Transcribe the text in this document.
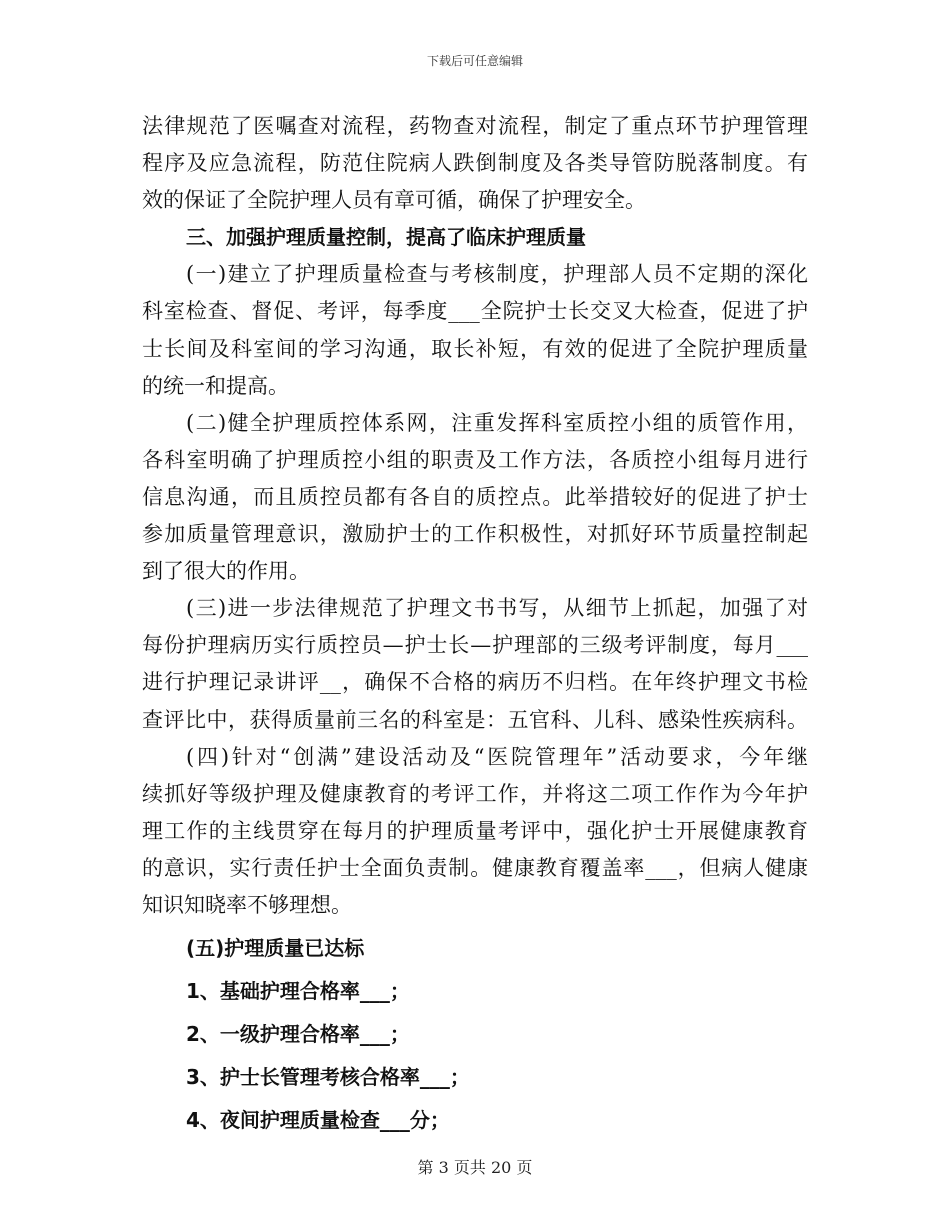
下载后可任意编辑
法律规范了医嘱查对流程，药物查对流程，制定了重点环节护理管理
程序及应急流程，防范住院病人跌倒制度及各类导管防脱落制度。有
效的保证了全院护理人员有章可循，确保了护理安全。
三、加强护理质量控制，提高了临床护理质量
(一)建立了护理质量检查与考核制度，护理部人员不定期的深化
科室检查、督促、考评，每季度___全院护士长交叉大检查，促进了护
士长间及科室间的学习沟通，取长补短，有效的促进了全院护理质量
的统一和提高。
(二)健全护理质控体系网，注重发挥科室质控小组的质管作用，
各科室明确了护理质控小组的职责及工作方法，各质控小组每月进行
信息沟通，而且质控员都有各自的质控点。此举措较好的促进了护士
参加质量管理意识，激励护士的工作积极性，对抓好环节质量控制起
到了很大的作用。
(三)进一步法律规范了护理文书书写，从细节上抓起，加强了对
每份护理病历实行质控员—护士长—护理部的三级考评制度，每月___
进行护理记录讲评__，确保不合格的病历不归档。在年终护理文书检
查评比中，获得质量前三名的科室是：五官科、儿科、感染性疾病科。
(四)针对“创满”建设活动及“医院管理年”活动要求，今年继
续抓好等级护理及健康教育的考评工作，并将这二项工作作为今年护
理工作的主线贯穿在每月的护理质量考评中，强化护士开展健康教育
的意识，实行责任护士全面负责制。健康教育覆盖率___，但病人健康
知识知晓率不够理想。
(五)护理质量已达标
1、基础护理合格率___；
2、一级护理合格率___；
3、护士长管理考核合格率___；
4、夜间护理质量检查___分；
第 3 页共 20 页
